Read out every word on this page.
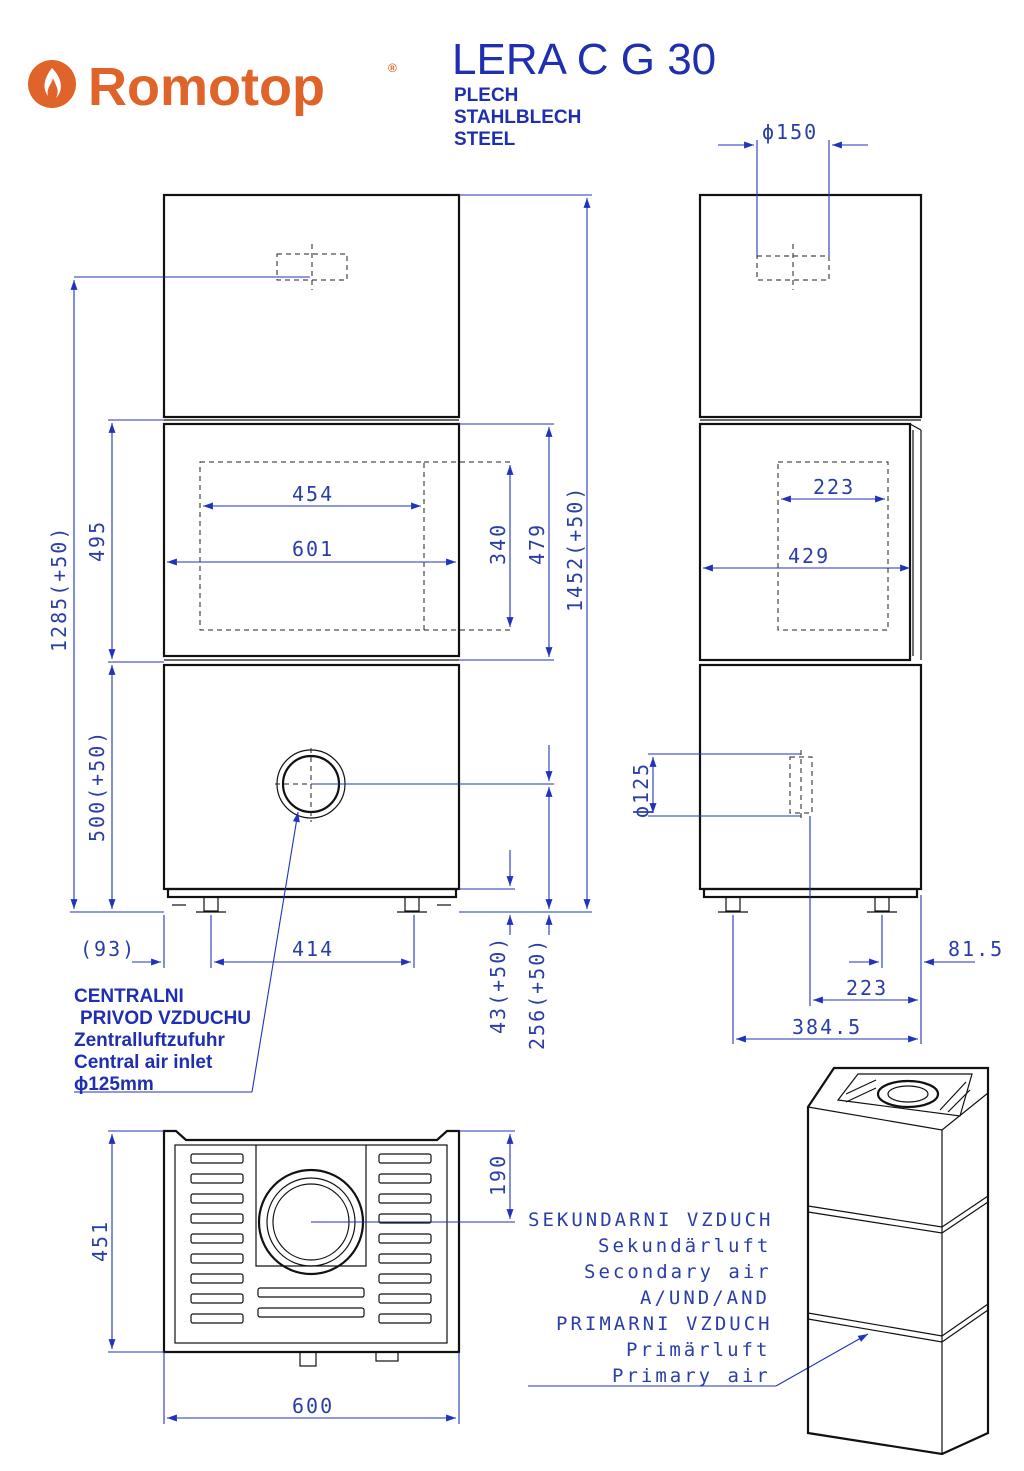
Romotop	® LERA C G 30
PLECH
STAHLBLECH
STEEL
1285(+50) 495
500(+50)
454
601	340 479 1452(+50)
(93)	414	43(+50) 256(+50)
CENTRALNI
PRIVOD VZDUCHU
Zentralluftzufuhr
Central air inlet
ϕ125mm
ϕ150
223
429
ϕ125
81.5
223
384.5
451
190
600
SEKUNDARNI VZDUCH
Sekundärluft
Secondary air
A/UND/AND
PRIMARNI VZDUCH
Primärluft
Primary air
